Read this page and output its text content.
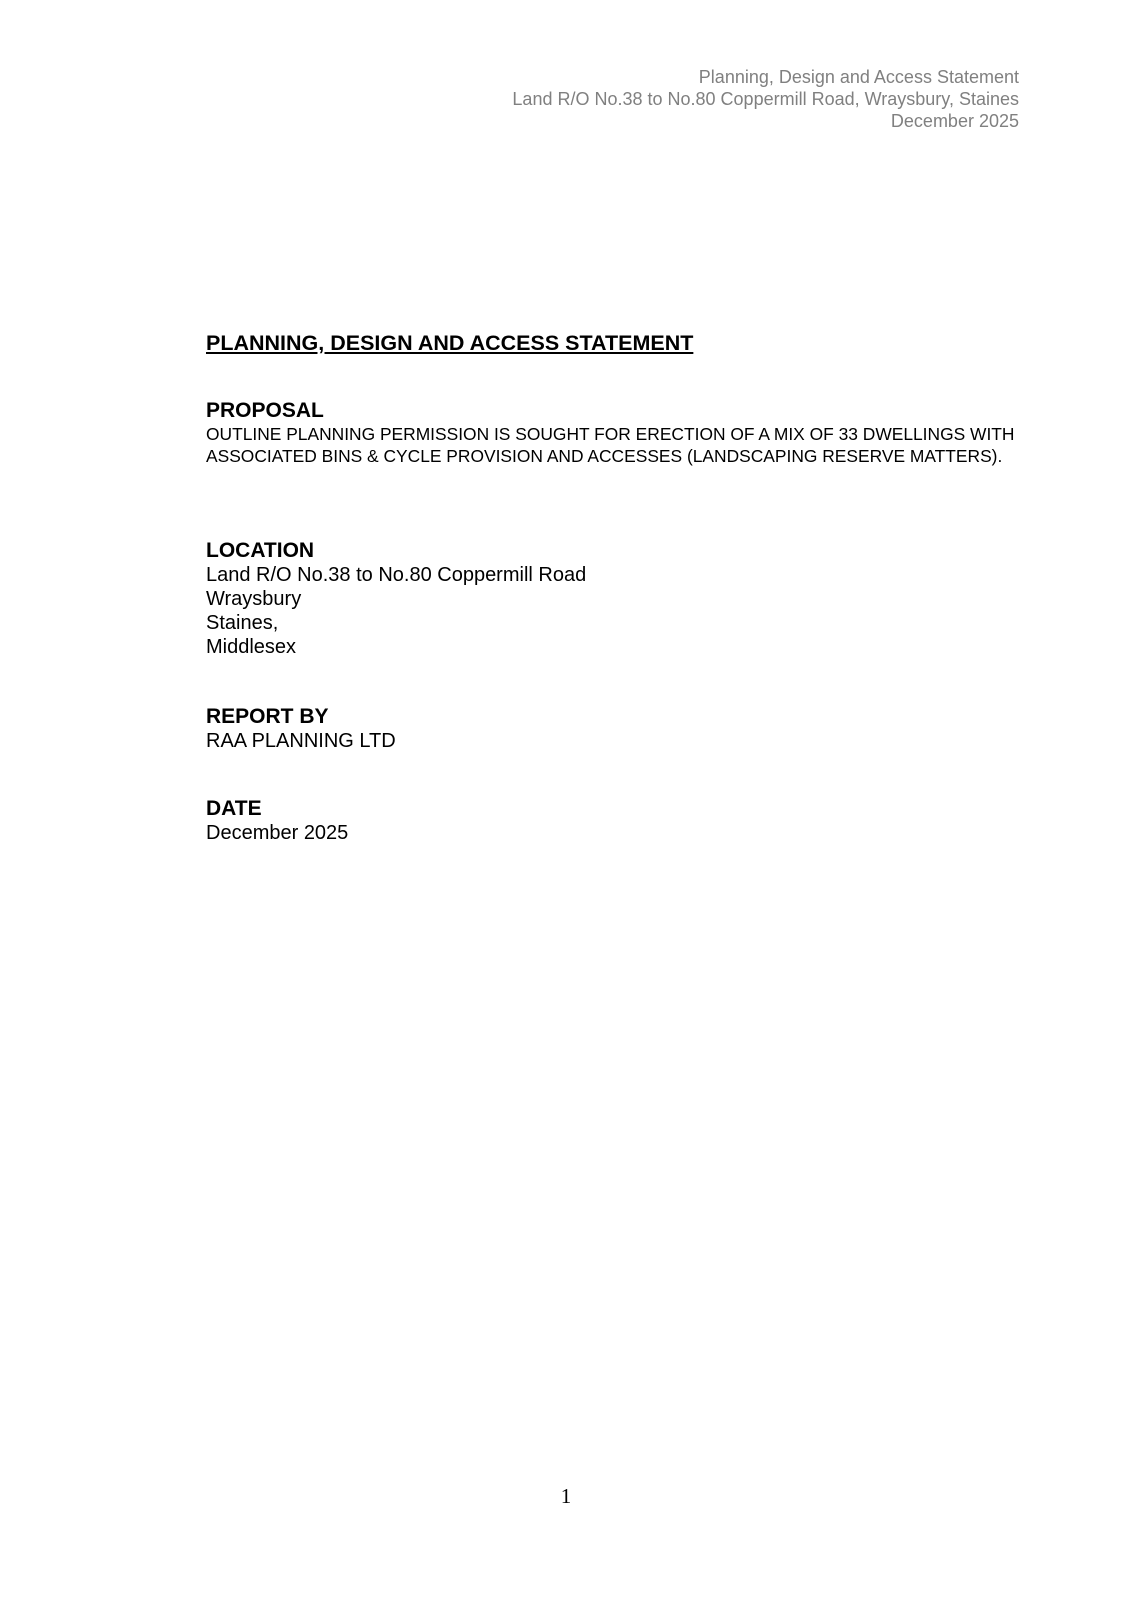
Planning, Design and Access Statement
Land R/O No.38 to No.80 Coppermill Road, Wraysbury, Staines
December 2025
PLANNING, DESIGN AND ACCESS STATEMENT
PROPOSAL

OUTLINE PLANNING PERMISSION IS SOUGHT FOR ERECTION OF A MIX OF 33 DWELLINGS WITH ASSOCIATED BINS & CYCLE PROVISION AND ACCESSES (LANDSCAPING RESERVE MATTERS).

LOCATION
Land R/O No.38 to No.80 Coppermill Road
Wraysbury
Staines,
Middlesex
REPORT BY
RAA PLANNING LTD
DATE
December 2025
1
